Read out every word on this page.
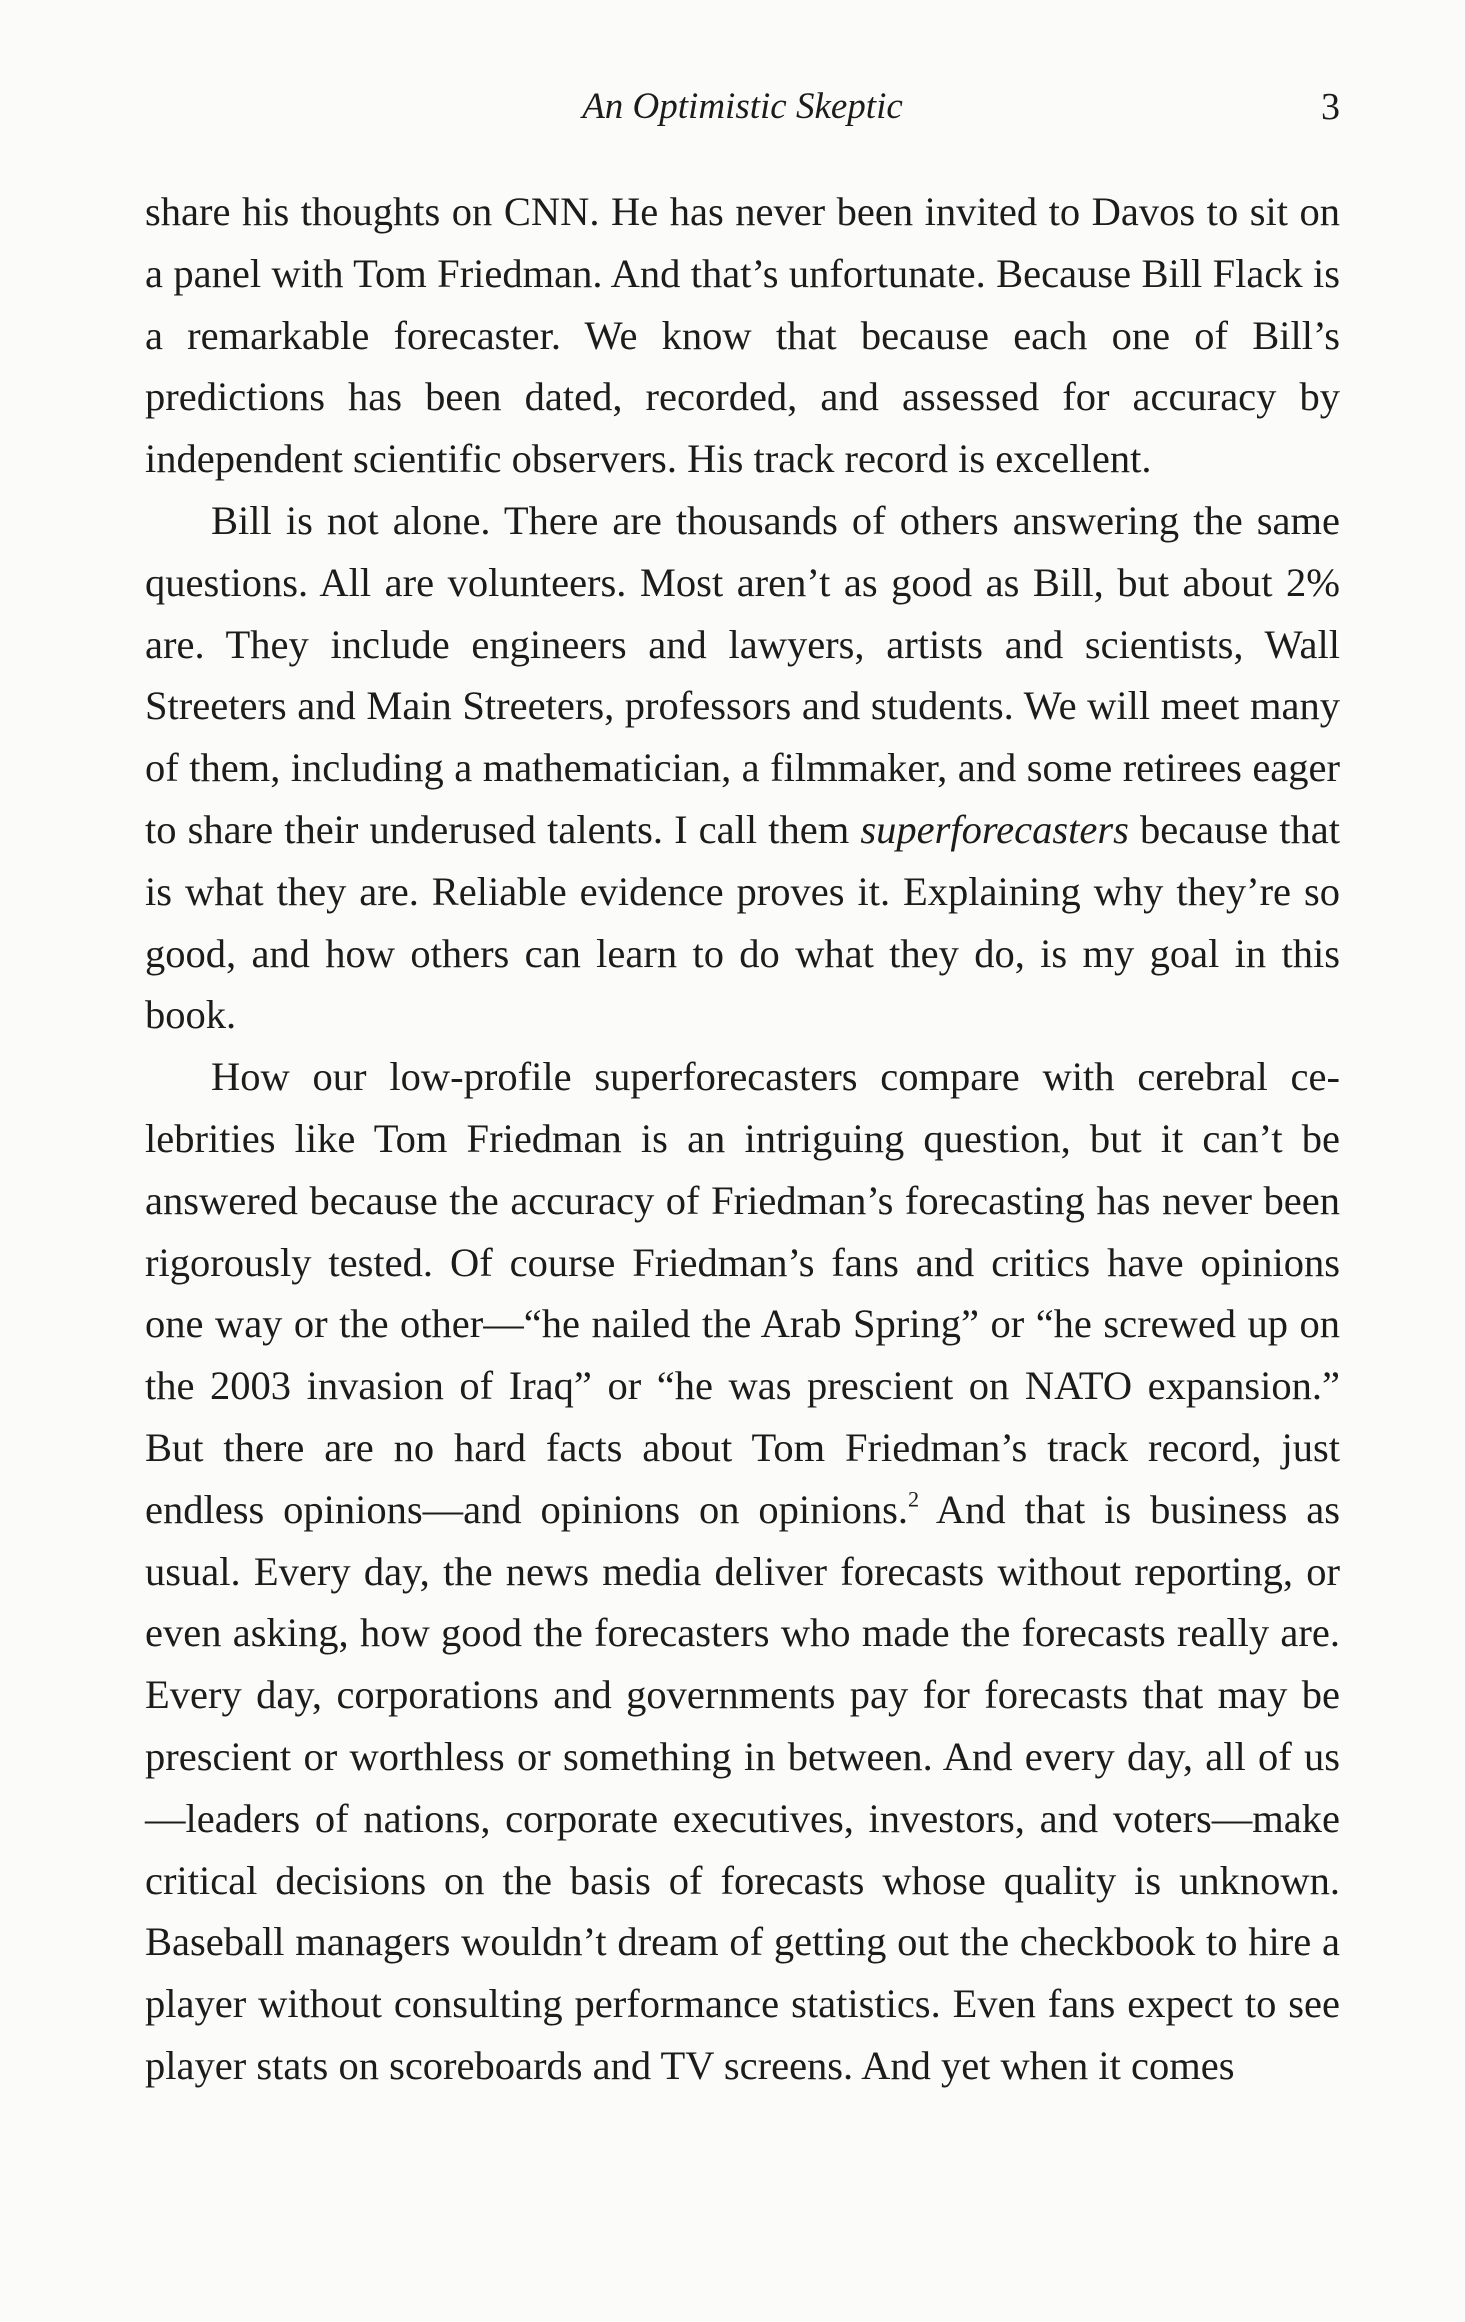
An Optimistic Skeptic	3

share his thoughts on CNN. He has never been invited to Davos to sit on a panel with Tom Friedman. And that’s unfortunate. Because Bill Flack is a remarkable forecaster. We know that because each one of Bill’s predictions has been dated, recorded, and assessed for accuracy by independent scientific observers. His track record is excellent.

Bill is not alone. There are thousands of others answering the same questions. All are volunteers. Most aren’t as good as Bill, but about 2% are. They include engineers and lawyers, artists and scientists, Wall Streeters and Main Streeters, professors and students. We will meet many of them, including a mathematician, a filmmaker, and some retirees eager to share their underused talents. I call them superforecasters because that is what they are. Reliable evidence proves it. Explaining why they’re so good, and how others can learn to do what they do, is my goal in this book.

How our low-profile superforecasters compare with cerebral celebrities like Tom Friedman is an intriguing question, but it can’t be answered because the accuracy of Friedman’s forecasting has never been rigorously tested. Of course Friedman’s fans and critics have opinions one way or the other—“he nailed the Arab Spring” or “he screwed up on the 2003 invasion of Iraq” or “he was prescient on NATO expansion.” But there are no hard facts about Tom Friedman’s track record, just endless opinions—and opinions on opinions.$^2$ And that is business as usual. Every day, the news media deliver forecasts without reporting, or even asking, how good the forecasters who made the forecasts really are. Every day, corporations and governments pay for forecasts that may be prescient or worthless or something in between. And every day, all of us—leaders of nations, corporate executives, investors, and voters—make critical decisions on the basis of forecasts whose quality is unknown. Baseball managers wouldn’t dream of getting out the checkbook to hire a player without consulting performance statistics. Even fans expect to see player stats on scoreboards and TV screens. And yet when it comes
